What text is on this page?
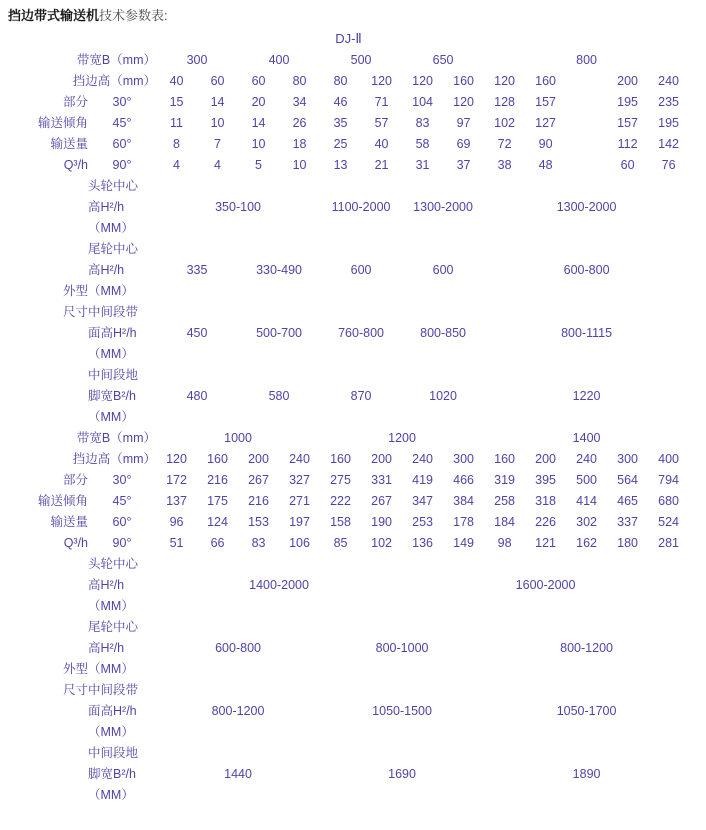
挡边带式输送机技术参数表:
DJ-Ⅱ
带宽B（mm）		300		400		500		650		800				
挡边高（mm）		40	60	60	80	80	120	120	160	120	160		200	240
部分	30°	15	14	20	34	46	71	104	120	128	157		195	235
输送倾角	45°	11	10	14	26	35	57	83	97	102	127		157	195
输送量	60°	8	7	10	18	25	40	58	69	72	90		112	142
Q³/h	90°	4	4	5	10	13	21	31	37	38	48		60	76
	头轮中心													
	高H²/h	350-100				1100-2000		1300-2000		1300-2000				
	（MM）													
	尾轮中心													
	高H²/h	335		330-490		600		600		600-800				
外型	（MM）													
尺寸	中间段带													
	面高H²/h	450		500-700		760-800		800-850		800-1115				
	（MM）													
	中间段地													
	脚宽B²/h	480		580		870		1020		1220				
	（MM）													
带宽B（mm）		1000				1200				1400				
挡边高（mm）		120	160	200	240	160	200	240	300	160	200	240	300	400
部分	30°	172	216	267	327	275	331	419	466	319	395	500	564	794
输送倾角	45°	137	175	216	271	222	267	347	384	258	318	414	465	680
输送量	60°	96	124	153	197	158	190	253	178	184	226	302	337	524
Q³/h	90°	51	66	83	106	85	102	136	149	98	121	162	180	281
	头轮中心													
	高H²/h	1400-2000						1600-2000						
	（MM）													
	尾轮中心													
	高H²/h	600-800				800-1000				800-1200				
外型	（MM）													
尺寸	中间段带													
	面高H²/h	800-1200				1050-1500				1050-1700				
	（MM）													
	中间段地													
	脚宽B²/h	1440				1690				1890				
	（MM）													
